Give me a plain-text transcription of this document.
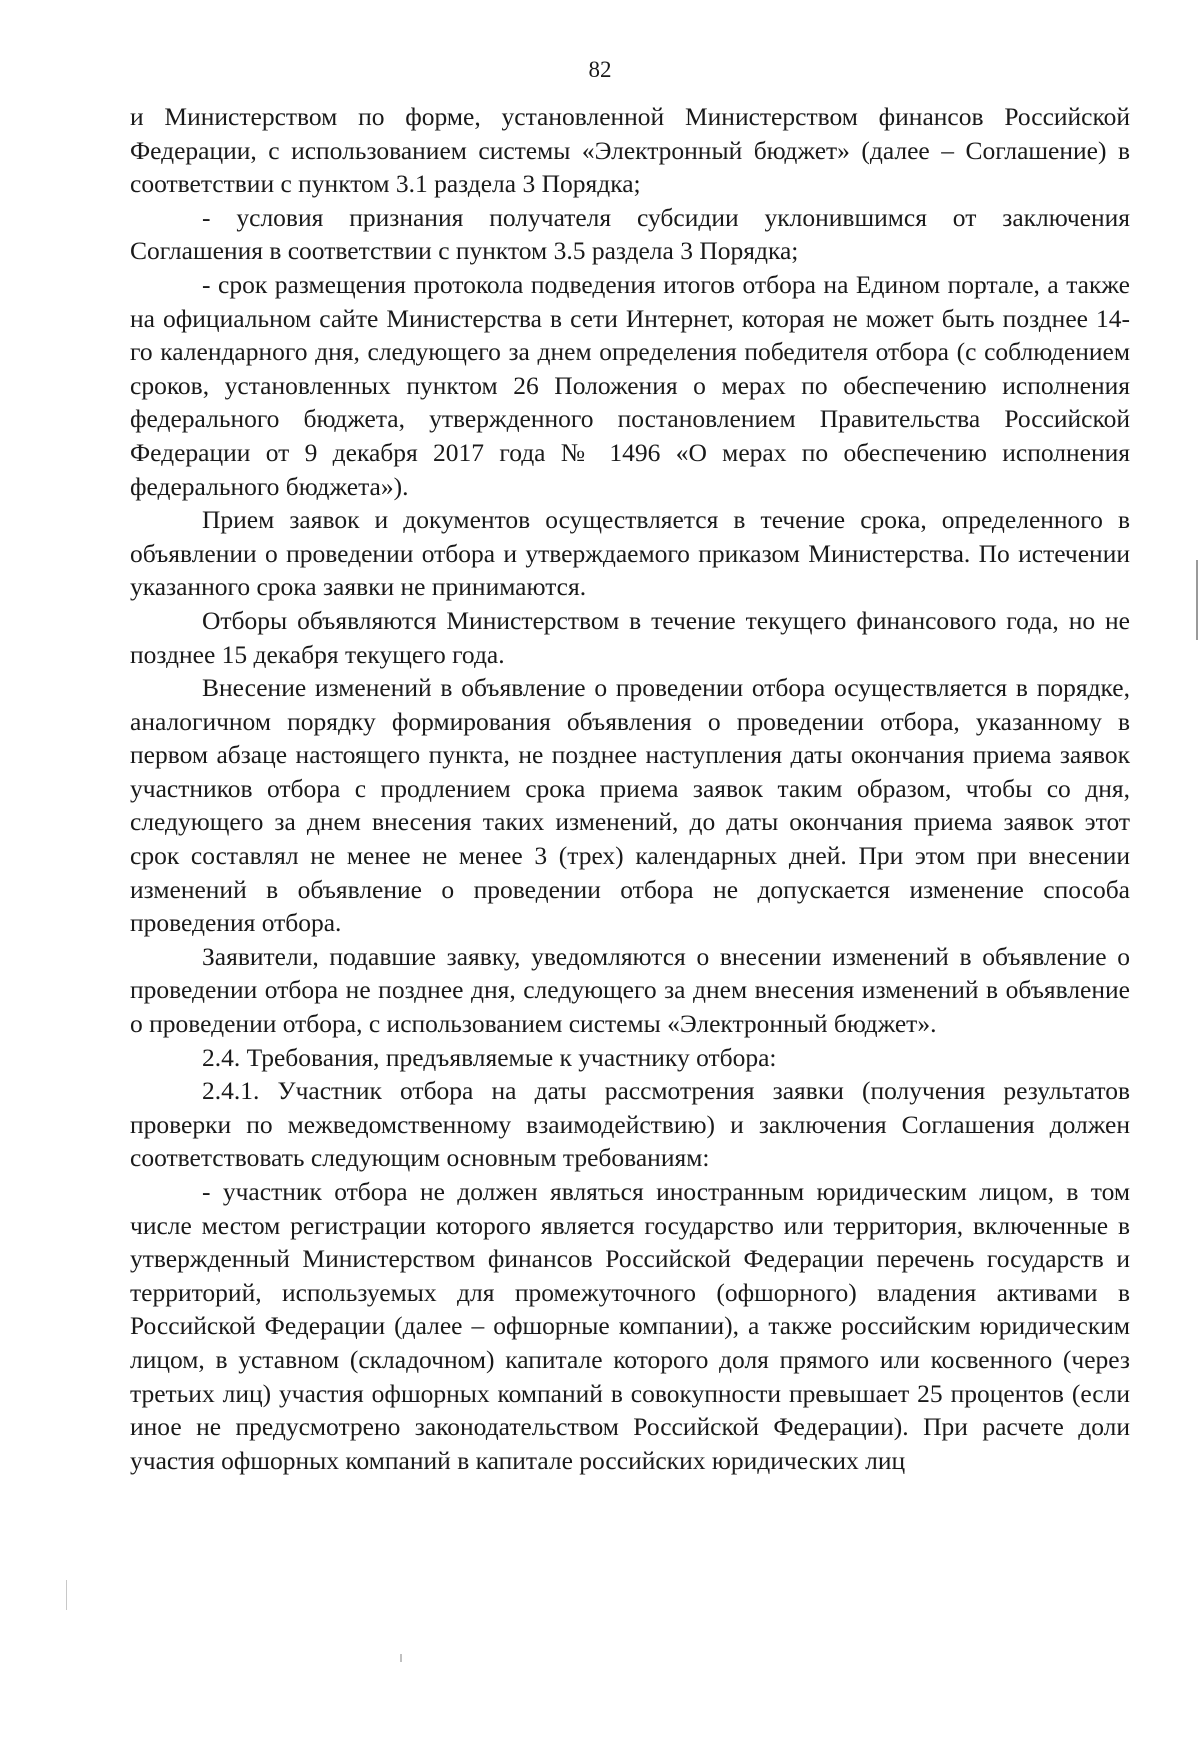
82

и Министерством по форме, установленной Министерством финансов Российской Федерации, с использованием системы «Электронный бюджет» (далее – Соглашение) в соответствии с пунктом 3.1 раздела 3 Порядка;

- условия признания получателя субсидии уклонившимся от заключения Соглашения в соответствии с пунктом 3.5 раздела 3 Порядка;

- срок размещения протокола подведения итогов отбора на Едином портале, а также на официальном сайте Министерства в сети Интернет, которая не может быть позднее 14-го календарного дня, следующего за днем определения победителя отбора (с соблюдением сроков, установленных пунктом 26 Положения о мерах по обеспечению исполнения федерального бюджета, утвержденного постановлением Правительства Российской Федерации от 9 декабря 2017 года № 1496 «О мерах по обеспечению исполнения федерального бюджета»).

Прием заявок и документов осуществляется в течение срока, определенного в объявлении о проведении отбора и утверждаемого приказом Министерства. По истечении указанного срока заявки не принимаются.

Отборы объявляются Министерством в течение текущего финансового года, но не позднее 15 декабря текущего года.

Внесение изменений в объявление о проведении отбора осуществляется в порядке, аналогичном порядку формирования объявления о проведении отбора, указанному в первом абзаце настоящего пункта, не позднее наступления даты окончания приема заявок участников отбора с продлением срока приема заявок таким образом, чтобы со дня, следующего за днем внесения таких изменений, до даты окончания приема заявок этот срок составлял не менее не менее 3 (трех) календарных дней. При этом при внесении изменений в объявление о проведении отбора не допускается изменение способа проведения отбора.

Заявители, подавшие заявку, уведомляются о внесении изменений в объявление о проведении отбора не позднее дня, следующего за днем внесения изменений в объявление о проведении отбора, с использованием системы «Электронный бюджет».

2.4. Требования, предъявляемые к участнику отбора:

2.4.1. Участник отбора на даты рассмотрения заявки (получения результатов проверки по межведомственному взаимодействию) и заключения Соглашения должен соответствовать следующим основным требованиям:

- участник отбора не должен являться иностранным юридическим лицом, в том числе местом регистрации которого является государство или территория, включенные в утвержденный Министерством финансов Российской Федерации перечень государств и территорий, используемых для промежуточного (офшорного) владения активами в Российской Федерации (далее – офшорные компании), а также российским юридическим лицом, в уставном (складочном) капитале которого доля прямого или косвенного (через третьих лиц) участия офшорных компаний в совокупности превышает 25 процентов (если иное не предусмотрено законодательством Российской Федерации). При расчете доли участия офшорных компаний в капитале российских юридических лиц
